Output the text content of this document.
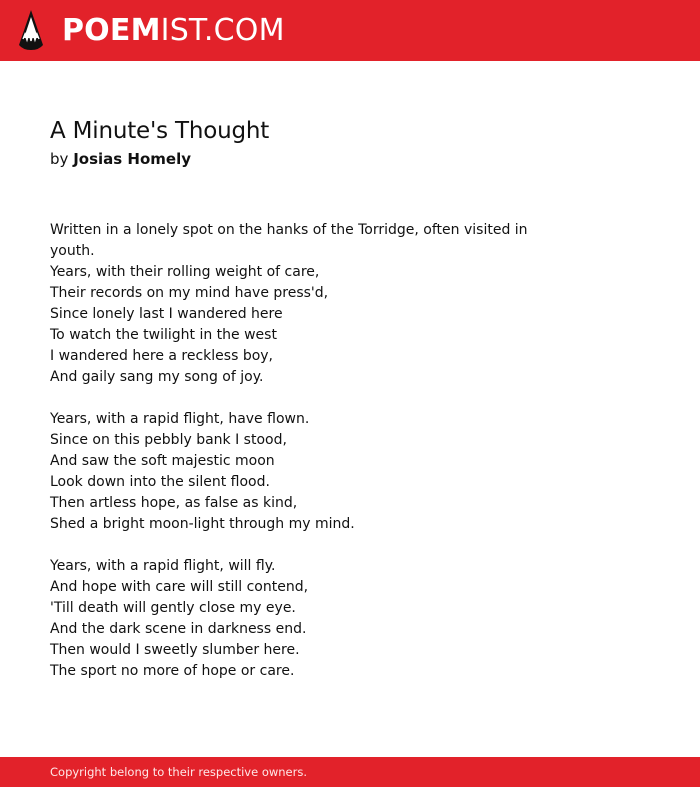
POEM IST.COM
A Minute's Thought
by Josias Homely
Written in a lonely spot on the hanks of the Torridge, often visited in youth.
Years, with their rolling weight of care,
Their records on my mind have press'd,
Since lonely last I wandered here
To watch the twilight in the west
I wandered here a reckless boy,
And gaily sang my song of joy.
Years, with a rapid flight, have flown.
Since on this pebbly bank I stood,
And saw the soft majestic moon
Look down into the silent flood.
Then artless hope, as false as kind,
Shed a bright moon-light through my mind.
Years, with a rapid flight, will fly.
And hope with care will still contend,
'Till death will gently close my eye.
And the dark scene in darkness end.
Then would I sweetly slumber here.
The sport no more of hope or care.
Copyright belong to their respective owners.
